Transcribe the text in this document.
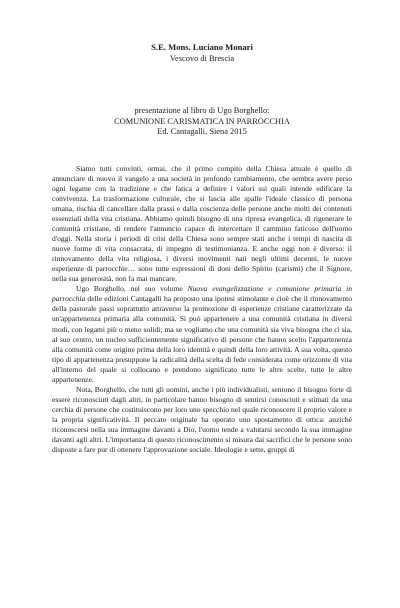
S.E. Mons. Luciano Monari
Vescovo di Brescia
presentazione al libro di Ugo Borghello:
COMUNIONE CARISMATICA IN PARROCCHIA
Ed. Cantagalli, Siena 2015

Siamo tutti convinti, ormai, che il primo compito della Chiesa attuale è quello di annunciare di nuovo il vangelo a una società in profondo cambiamento, che sembra avere perso ogni legame con la tradizione e che fatica a definire i valori sui quali intende edificare la convivenza. La trasformazione culturale, che si lascia alle spalle l'ideale classico di persona umana, rischia di cancellare dalla prassi e dalla coscienza delle persone anche molti dei contenuti essenziali della vita cristiana. Abbiamo quindi bisogno di una ripresa evangelica, di rigenerare le comunità cristiane, di rendere l'annuncio capace di intercettare il cammino faticoso dell'uomo d'oggi. Nella storia i periodi di crisi della Chiesa sono sempre stati anche i tempi di nascita di nuove forme di vita consacrata, di impegno di testimonianza. E anche oggi non è diverso: il rinnovamento della vita religiosa, i diversi movimenti nati negli ultimi decenni, le nuove esperienze di parrocchie… sono tutte espressioni di doni dello Spirito (carismi) che il Signore, nella sua generosità, non fa mai mancare.

Ugo Borghello, nel suo volume Nuova evangelizzazione e comunione primaria in parrocchia delle edizioni Cantagalli ha proposto una ipotesi stimolante e cioè che il rinnovamento della pastorale passi soprattutto attraverso la promozione di esperienze cristiane caratterizzate da un'appartenenza primaria alla comunità. Si può appartenere a una comunità cristiana in diversi modi, con legami più o meno solidi; ma se vogliamo che una comunità sia viva bisogna che ci sia, al suo centro, un nucleo sufficientemente significativo di persone che hanno scelto l'appartenenza alla comunità come origine prima della loro identità e quindi della loro attività. A sua volta, questo tipo di appartenenza presuppone la radicalità della scelta di fede considerata come orizzonte di vita all'interno del quale si collocano e prendono significato tutte le altre scelte, tutte le altre appartenenze.

Nota, Borghello, che tutti gli uomini, anche i più individualisti, sentono il bisogno forte di essere riconosciuti dagli altri, in particolare hanno bisogno di sentirsi conosciuti e stimati da una cerchia di persone che costituiscono per loro uno specchio nel quale riconoscere il proprio valore e la propria significatività. Il peccato originale ha operato uno spostamento di ottica: anziché riconoscersi nella sua immagine davanti a Dio, l'uomo tende a valutarsi secondo la sua immagine davanti agli altri. L'importanza di questo riconoscimento si misura dai sacrifici che le persone sono disposte a fare pur di ottenere l'approvazione sociale. Ideologie e sette, gruppi di
